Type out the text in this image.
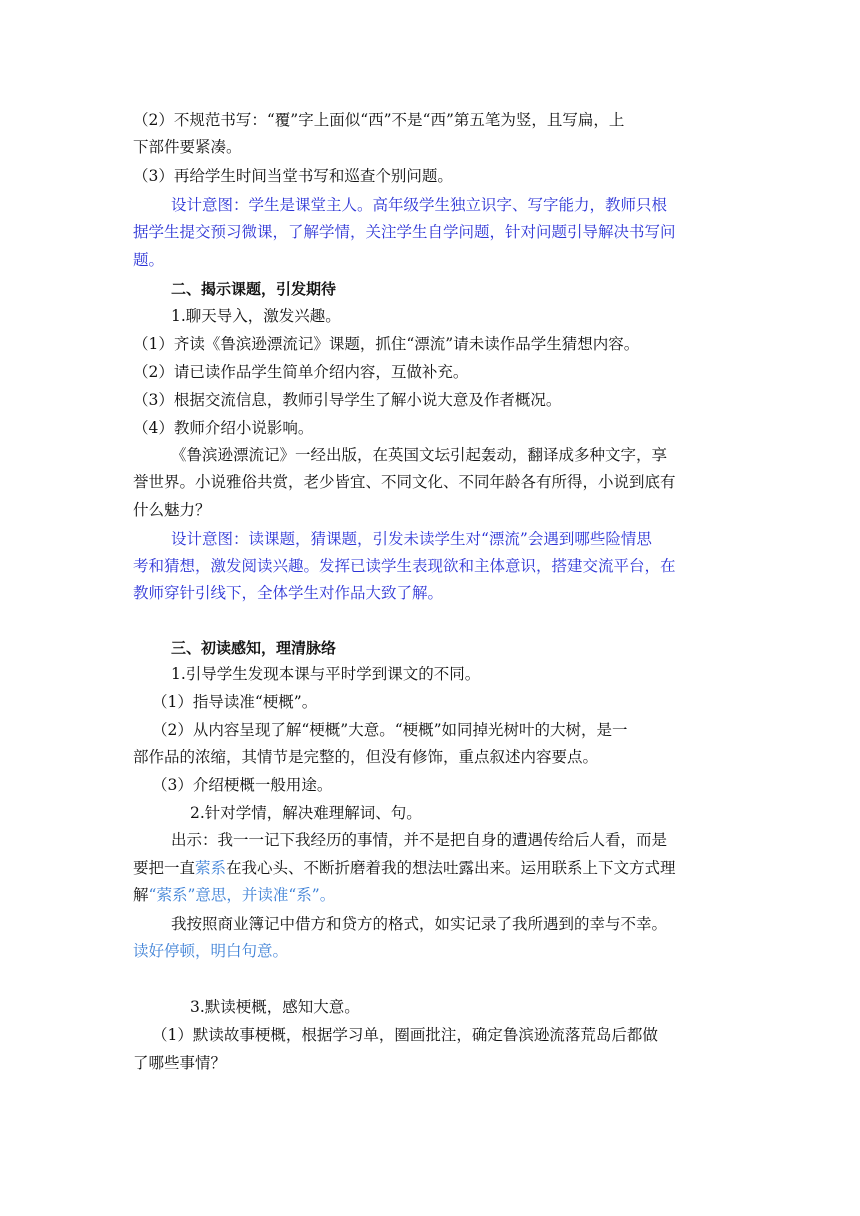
（2）不规范书写：“覆”字上面似“西”不是“西”第五笔为竖，且写扁，上
下部件要紧凑。
（3）再给学生时间当堂书写和巡查个别问题。
设计意图：学生是课堂主人。高年级学生独立识字、写字能力，教师只根
据学生提交预习微课，了解学情，关注学生自学问题，针对问题引导解决书写问
题。
二、揭示课题，引发期待
1.聊天导入，激发兴趣。
（1）齐读《鲁滨逊漂流记》课题，抓住“漂流”请未读作品学生猜想内容。
（2）请已读作品学生简单介绍内容，互做补充。
（3）根据交流信息，教师引导学生了解小说大意及作者概况。
（4）教师介绍小说影响。
《鲁滨逊漂流记》一经出版，在英国文坛引起轰动，翻译成多种文字，享
誉世界。小说雅俗共赏，老少皆宜、不同文化、不同年龄各有所得，小说到底有
什么魅力？
设计意图：读课题，猜课题，引发未读学生对“漂流”会遇到哪些险情思
考和猜想，激发阅读兴趣。发挥已读学生表现欲和主体意识，搭建交流平台，在
教师穿针引线下，全体学生对作品大致了解。
三、初读感知，理清脉络
1.引导学生发现本课与平时学到课文的不同。
（1）指导读准“梗概”。
（2）从内容呈现了解“梗概”大意。“梗概”如同掉光树叶的大树，是一
部作品的浓缩，其情节是完整的，但没有修饰，重点叙述内容要点。
（3）介绍梗概一般用途。
2.针对学情，解决难理解词、句。
出示：我一一记下我经历的事情，并不是把自身的遭遇传给后人看，而是
要把一直萦系在我心头、不断折磨着我的想法吐露出来。运用联系上下文方式理
解“萦系”意思，并读准“系”。
我按照商业簿记中借方和贷方的格式，如实记录了我所遇到的幸与不幸。
读好停顿，明白句意。
3.默读梗概，感知大意。
（1）默读故事梗概，根据学习单，圈画批注，确定鲁滨逊流落荒岛后都做
了哪些事情？
